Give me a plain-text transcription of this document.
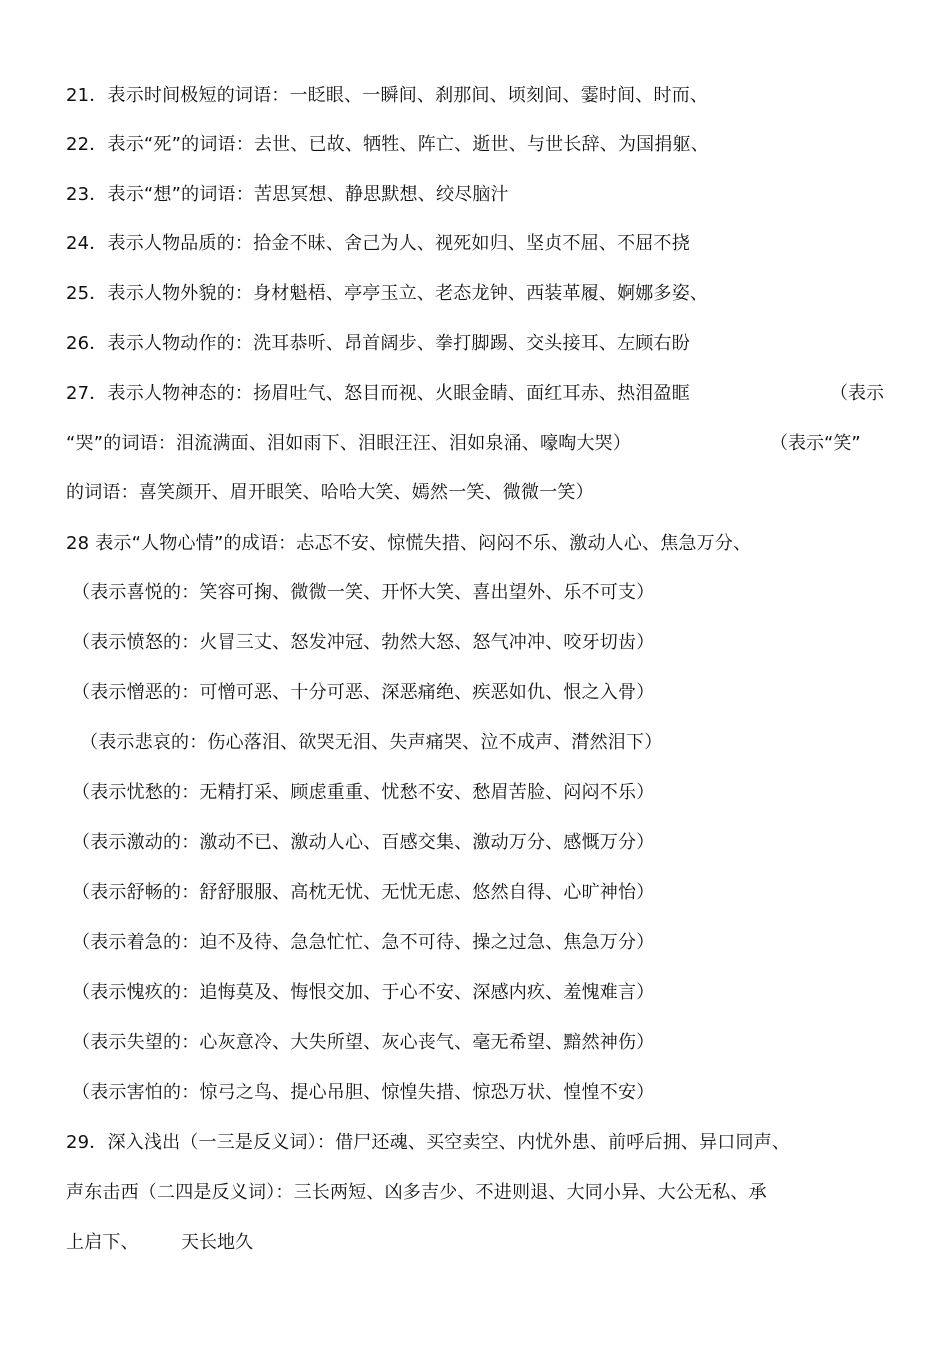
21．表示时间极短的词语：一眨眼、一瞬间、刹那间、顷刻间、霎时间、时而、
22．表示“死”的词语：去世、已故、牺牲、阵亡、逝世、与世长辞、为国捐躯、
23．表示“想”的词语：苦思冥想、静思默想、绞尽脑汁
24．表示人物品质的：拾金不昧、舍己为人、视死如归、坚贞不屈、不屈不挠
25．表示人物外貌的：身材魁梧、亭亭玉立、老态龙钟、西装革履、婀娜多姿、
26．表示人物动作的：洗耳恭听、昂首阔步、拳打脚踢、交头接耳、左顾右盼
27．表示人物神态的：扬眉吐气、怒目而视、火眼金睛、面红耳赤、热泪盈眶	（表示
“哭”的词语：泪流满面、泪如雨下、泪眼汪汪、泪如泉涌、嚎啕大哭）	（表示“笑”
的词语：喜笑颜开、眉开眼笑、哈哈大笑、嫣然一笑、微微一笑）
28 表示“人物心情”的成语：忐忑不安、惊慌失措、闷闷不乐、激动人心、焦急万分、
（表示喜悦的：笑容可掬、微微一笑、开怀大笑、喜出望外、乐不可支）
（表示愤怒的：火冒三丈、怒发冲冠、勃然大怒、怒气冲冲、咬牙切齿）
（表示憎恶的：可憎可恶、十分可恶、深恶痛绝、疾恶如仇、恨之入骨）
（表示悲哀的：伤心落泪、欲哭无泪、失声痛哭、泣不成声、潸然泪下）
（表示忧愁的：无精打采、顾虑重重、忧愁不安、愁眉苦脸、闷闷不乐）
（表示激动的：激动不已、激动人心、百感交集、激动万分、感慨万分）
（表示舒畅的：舒舒服服、高枕无忧、无忧无虑、悠然自得、心旷神怡）
（表示着急的：迫不及待、急急忙忙、急不可待、操之过急、焦急万分）
（表示愧疚的：追悔莫及、悔恨交加、于心不安、深感内疚、羞愧难言）
（表示失望的：心灰意冷、大失所望、灰心丧气、毫无希望、黯然神伤）
（表示害怕的：惊弓之鸟、提心吊胆、惊惶失措、惊恐万状、惶惶不安）
29．深入浅出（一三是反义词）：借尸还魂、买空卖空、内忧外患、前呼后拥、异口同声、
声东击西（二四是反义词）：三长两短、凶多吉少、不进则退、大同小异、大公无私、承
上启下、 天长地久
